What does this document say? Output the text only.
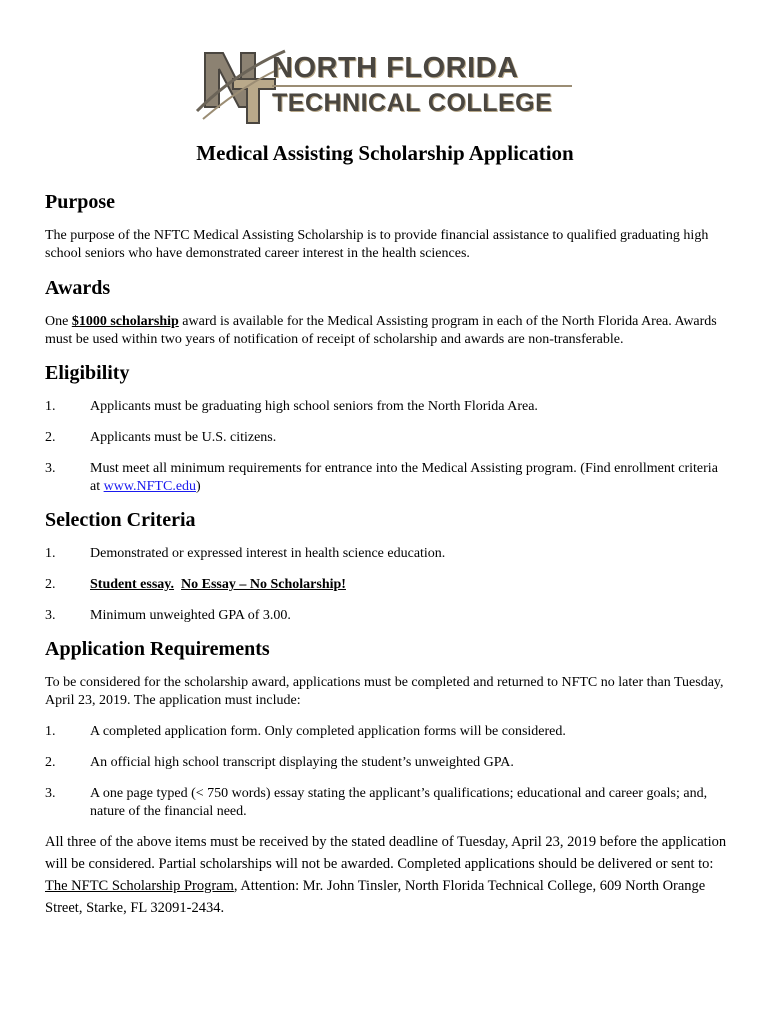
NORTH FLORIDA
TECHNICAL COLLEGE
Medical Assisting Scholarship Application
Purpose

The purpose of the NFTC Medical Assisting Scholarship is to provide financial assistance to qualified graduating high school seniors who have demonstrated career interest in the health sciences.

Awards

One $1000 scholarship award is available for the Medical Assisting program in each of the North Florida Area. Awards must be used within two years of notification of receipt of scholarship and awards are non-transferable.

Eligibility
1. Applicants must be graduating high school seniors from the North Florida Area.
2. Applicants must be U.S. citizens.
3. Must meet all minimum requirements for entrance into the Medical Assisting program. (Find enrollment criteria at www.NFTC.edu)
Selection Criteria
1. Demonstrated or expressed interest in health science education.
2. Student essay. No Essay – No Scholarship!
3. Minimum unweighted GPA of 3.00.
Application Requirements

To be considered for the scholarship award, applications must be completed and returned to NFTC no later than Tuesday, April 23, 2019. The application must include:

1. A completed application form. Only completed application forms will be considered.
2. An official high school transcript displaying the student’s unweighted GPA.
3. A one page typed (< 750 words) essay stating the applicant’s qualifications; educational and career goals; and, nature of the financial need.

All three of the above items must be received by the stated deadline of Tuesday, April 23, 2019 before the application will be considered. Partial scholarships will not be awarded. Completed applications should be delivered or sent to: The NFTC Scholarship Program, Attention: Mr. John Tinsler, North Florida Technical College, 609 North Orange Street, Starke, FL 32091-2434.
